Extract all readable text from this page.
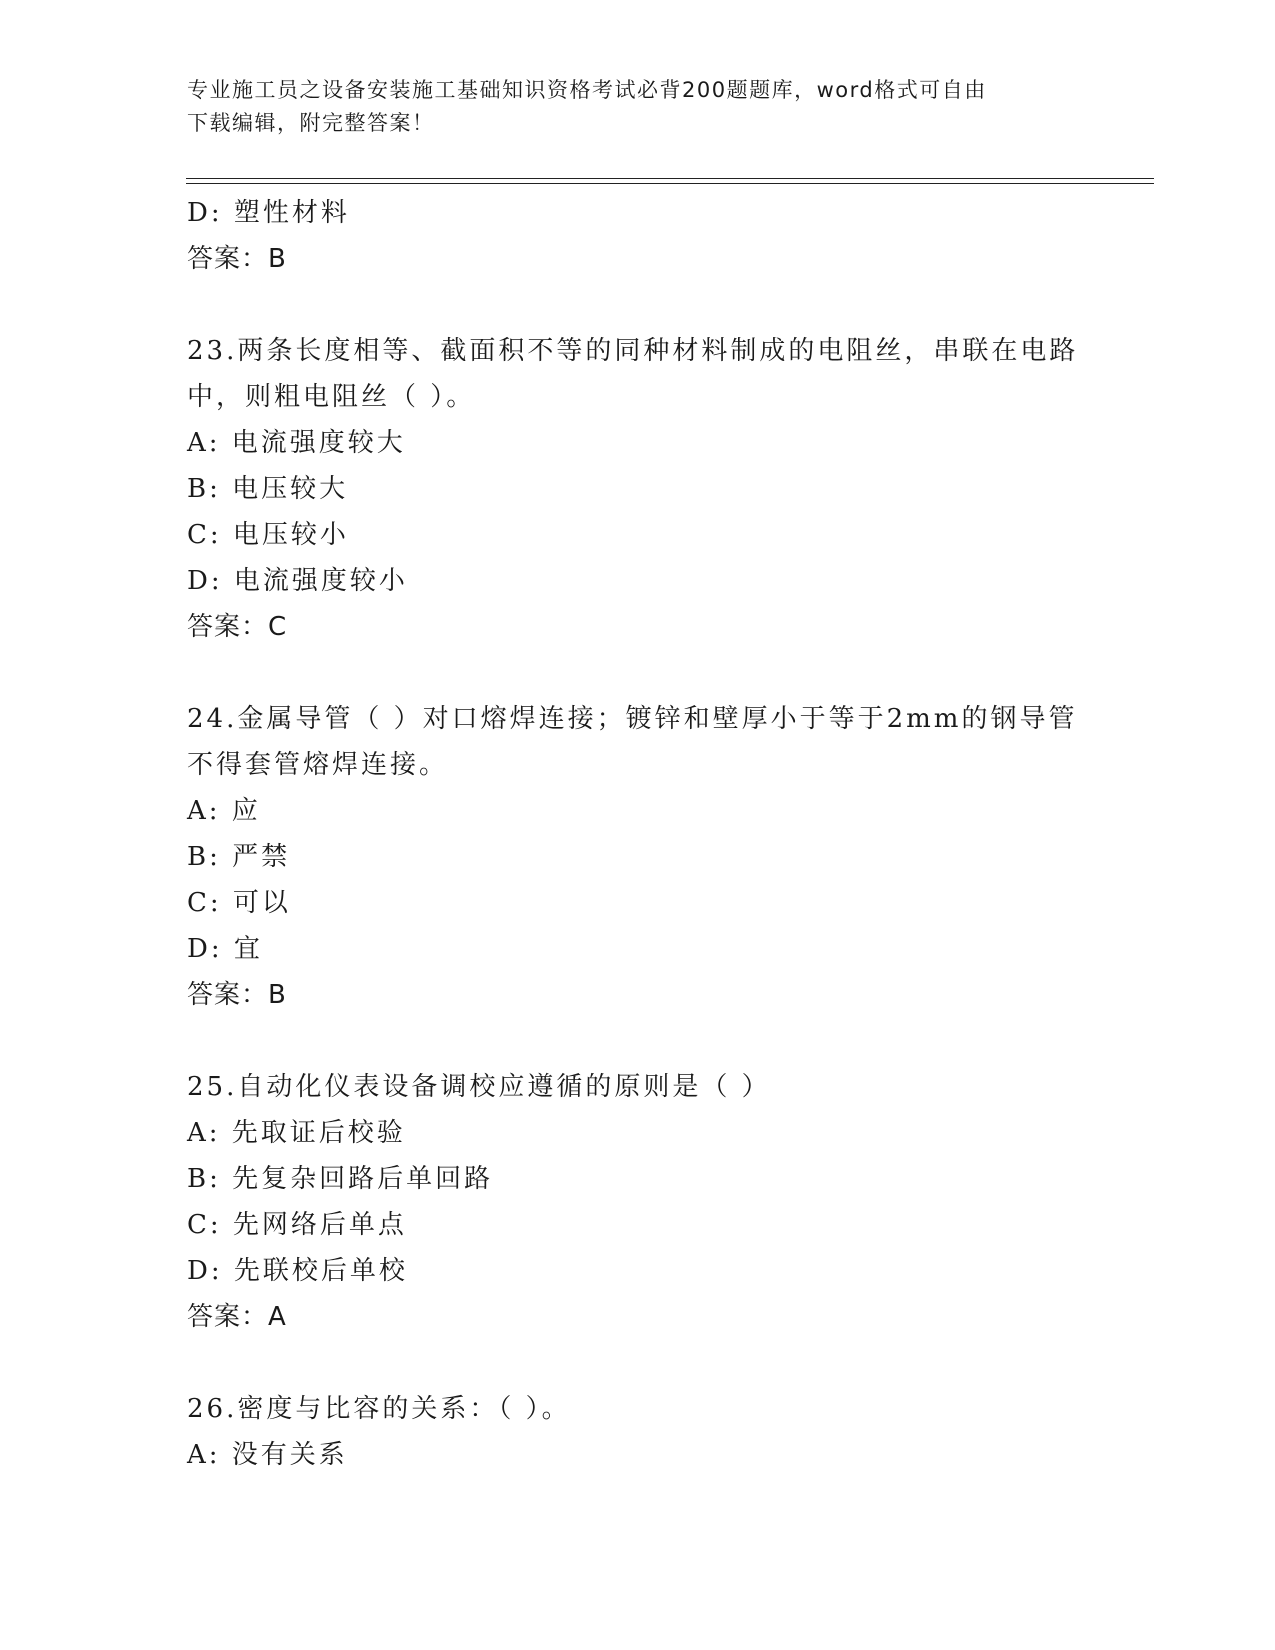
专业施工员之设备安装施工基础知识资格考试必背200题题库，word格式可自由
下载编辑，附完整答案！
D: 塑性材料
答案：B
23.两条长度相等、截面积不等的同种材料制成的电阻丝，串联在电路
中，则粗电阻丝（ ）。
A: 电流强度较大
B: 电压较大
C: 电压较小
D: 电流强度较小
答案：C
24.金属导管（ ）对口熔焊连接；镀锌和壁厚小于等于2mm的钢导管
不得套管熔焊连接。
A: 应
B: 严禁
C: 可以
D: 宜
答案：B
25.自动化仪表设备调校应遵循的原则是（ ）
A: 先取证后校验
B: 先复杂回路后单回路
C: 先网络后单点
D: 先联校后单校
答案：A
26.密度与比容的关系：（ ）。
A: 没有关系
